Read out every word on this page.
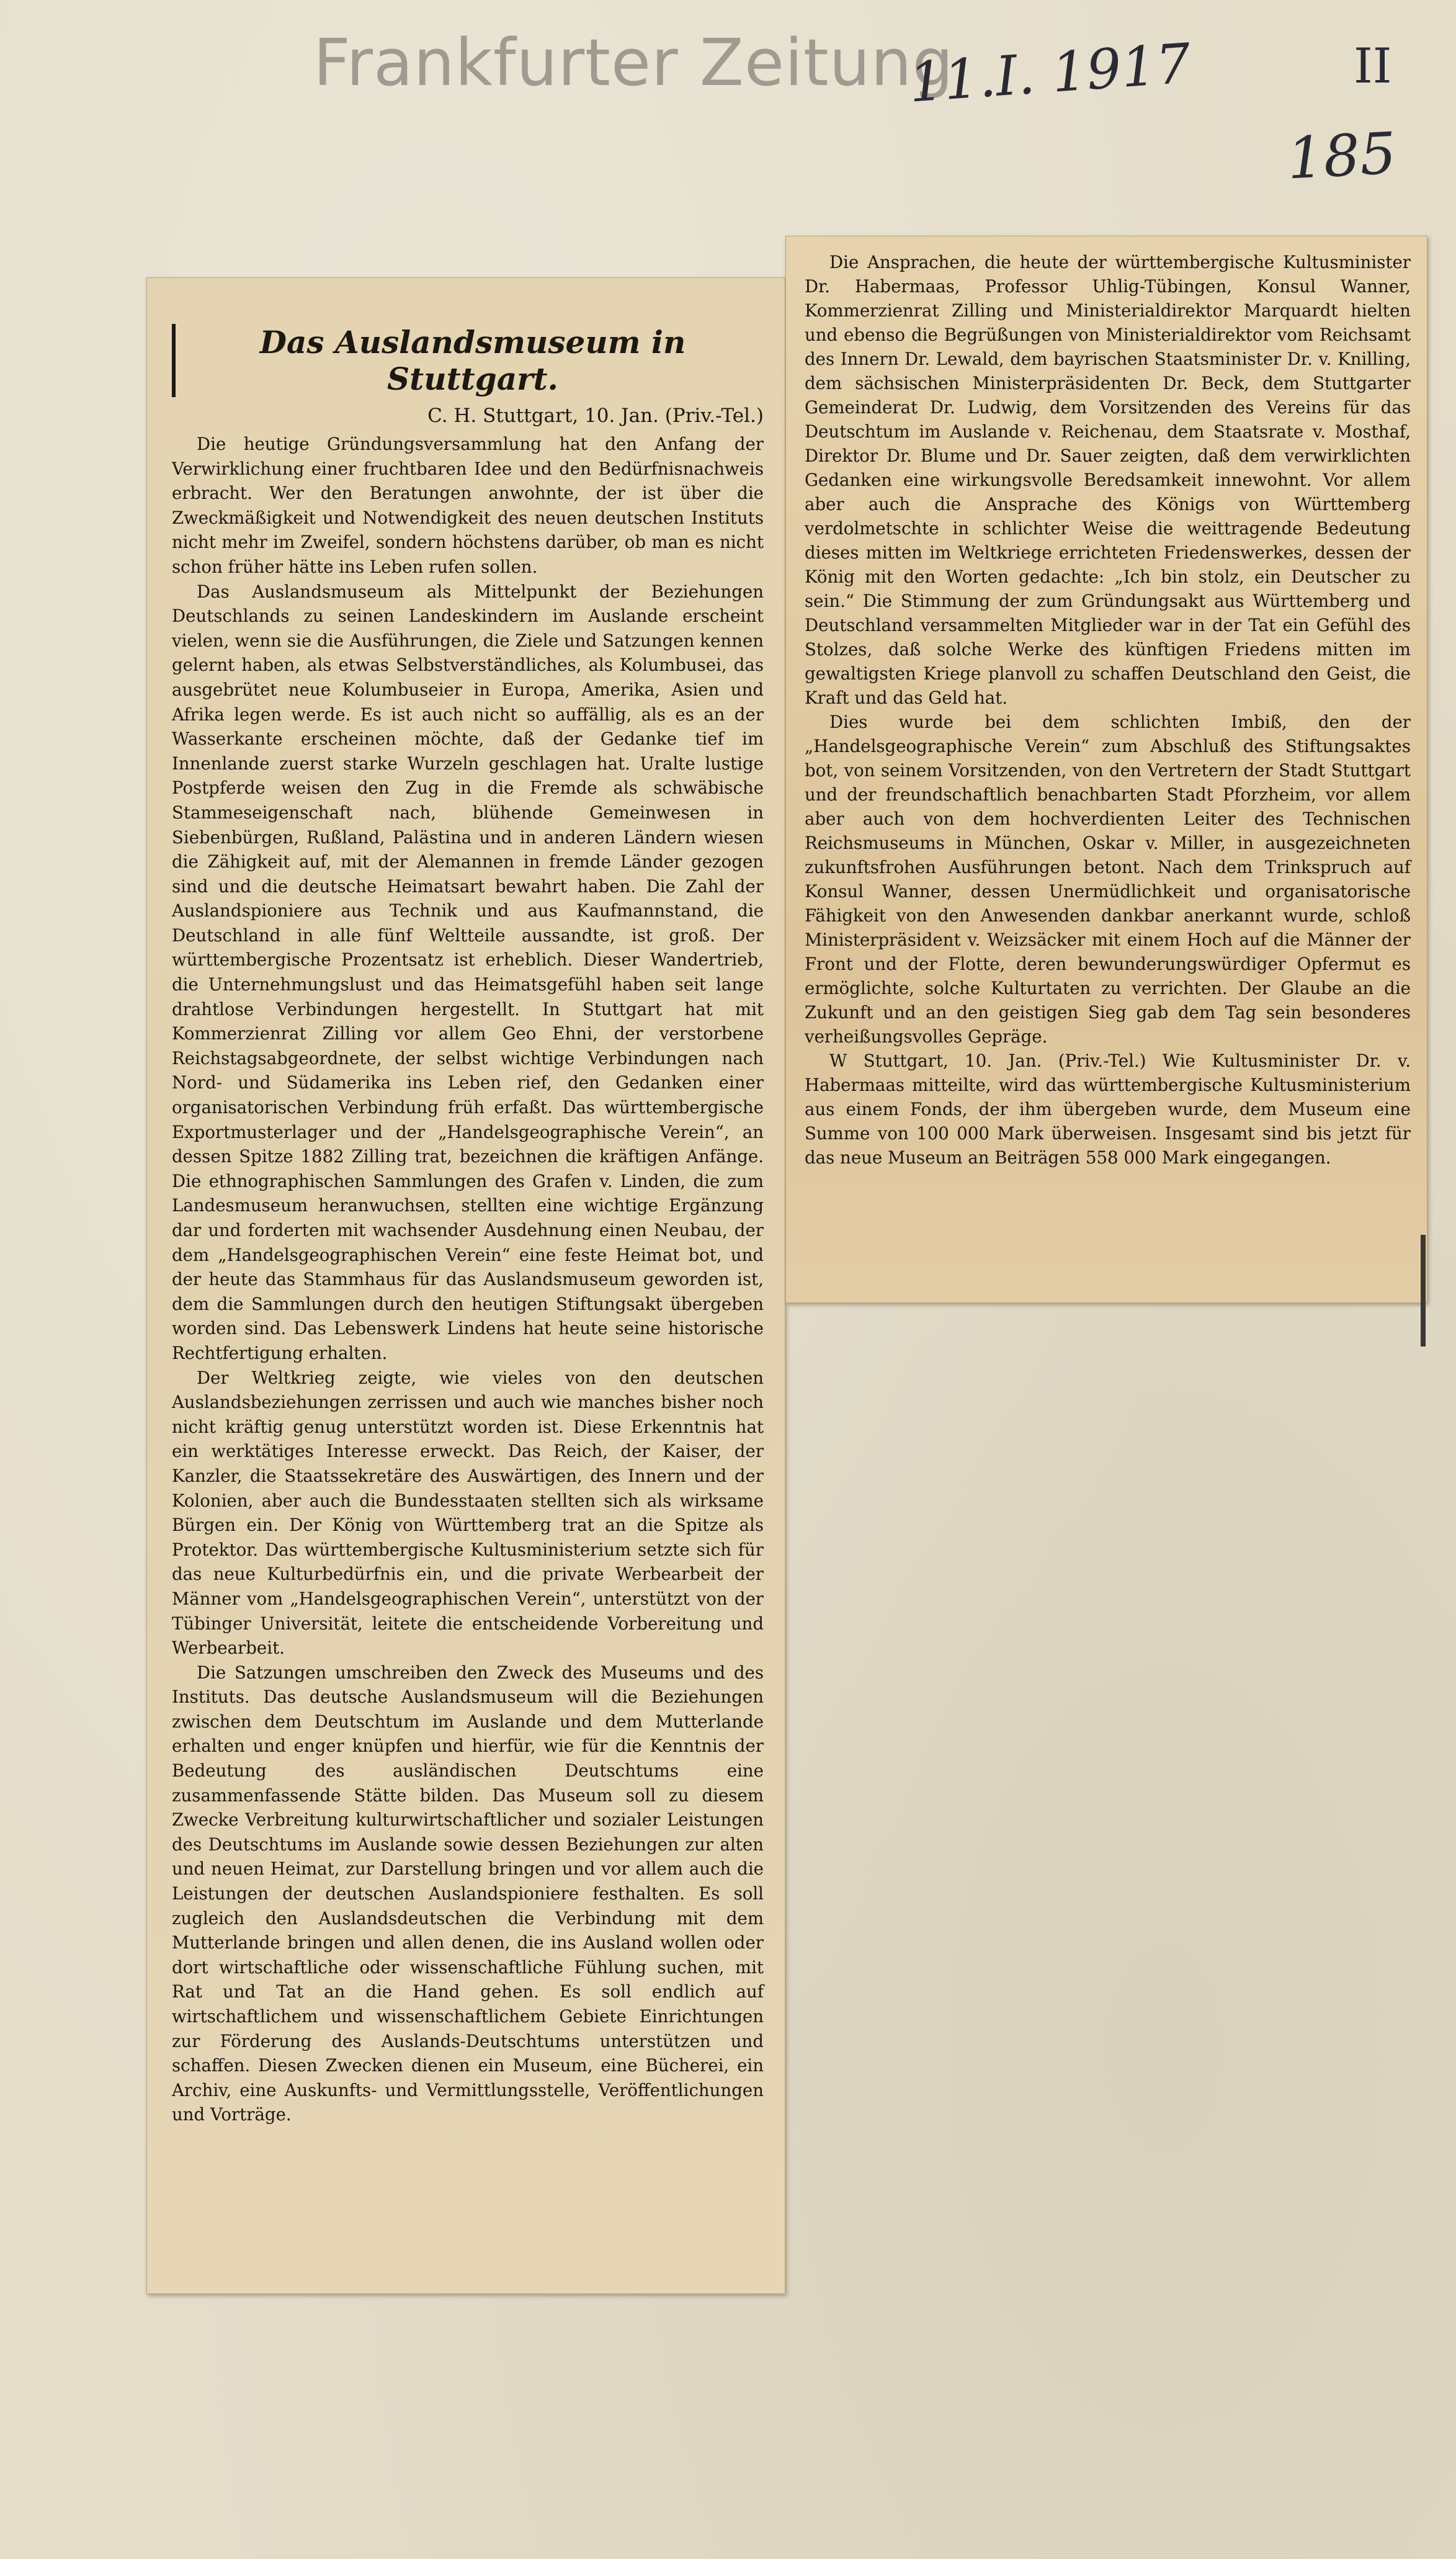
Frankfurter Zeitung
11.I. 1917	II
185
Das Auslandsmuseum in Stuttgart.
C. H. Stuttgart, 10. Jan. (Priv.-Tel.)

Die heutige Gründungsversammlung hat den Anfang der Verwirklichung einer fruchtbaren Idee und den Bedürfnisnachweis erbracht. Wer den Beratungen anwohnte, der ist über die Zweckmäßigkeit und Notwendigkeit des neuen deutschen Instituts nicht mehr im Zweifel, sondern höchstens darüber, ob man es nicht schon früher hätte ins Leben rufen sollen.

Das Auslandsmuseum als Mittelpunkt der Beziehungen Deutschlands zu seinen Landeskindern im Auslande erscheint vielen, wenn sie die Ausführungen, die Ziele und Satzungen kennen gelernt haben, als etwas Selbstverständliches, als Kolumbusei, das ausgebrütet neue Kolumbuseier in Europa, Amerika, Asien und Afrika legen werde. Es ist auch nicht so auffällig, als es an der Wasserkante erscheinen möchte, daß der Gedanke tief im Innenlande zuerst starke Wurzeln geschlagen hat. Uralte lustige Postpferde weisen den Zug in die Fremde als schwäbische Stammeseigenschaft nach, blühende Gemeinwesen in Siebenbürgen, Rußland, Palästina und in anderen Ländern wiesen die Zähigkeit auf, mit der Alemannen in fremde Länder gezogen sind und die deutsche Heimatsart bewahrt haben. Die Zahl der Auslandspioniere aus Technik und aus Kaufmannstand, die Deutschland in alle fünf Weltteile aussandte, ist groß. Der württembergische Prozentsatz ist erheblich. Dieser Wandertrieb, die Unternehmungslust und das Heimatsgefühl haben seit lange drahtlose Verbindungen hergestellt. In Stuttgart hat mit Kommerzienrat Zilling vor allem Geo Ehni, der verstorbene Reichstagsabgeordnete, der selbst wichtige Verbindungen nach Nord- und Südamerika ins Leben rief, den Gedanken einer organisatorischen Verbindung früh erfaßt. Das württembergische Exportmusterlager und der „Handelsgeographische Verein“, an dessen Spitze 1882 Zilling trat, bezeichnen die kräftigen Anfänge. Die ethnographischen Sammlungen des Grafen v. Linden, die zum Landesmuseum heranwuchsen, stellten eine wichtige Ergänzung dar und forderten mit wachsender Ausdehnung einen Neubau, der dem „Handelsgeographischen Verein“ eine feste Heimat bot, und der heute das Stammhaus für das Auslandsmuseum geworden ist, dem die Sammlungen durch den heutigen Stiftungsakt übergeben worden sind. Das Lebenswerk Lindens hat heute seine historische Rechtfertigung erhalten.

Der Weltkrieg zeigte, wie vieles von den deutschen Auslandsbeziehungen zerrissen und auch wie manches bisher noch nicht kräftig genug unterstützt worden ist. Diese Erkenntnis hat ein werktätiges Interesse erweckt. Das Reich, der Kaiser, der Kanzler, die Staatssekretäre des Auswärtigen, des Innern und der Kolonien, aber auch die Bundesstaaten stellten sich als wirksame Bürgen ein. Der König von Württemberg trat an die Spitze als Protektor. Das württembergische Kultusministerium setzte sich für das neue Kulturbedürfnis ein, und die private Werbearbeit der Männer vom „Handelsgeographischen Verein“, unterstützt von der Tübinger Universität, leitete die entscheidende Vorbereitung und Werbearbeit.

Die Satzungen umschreiben den Zweck des Museums und des Instituts. Das deutsche Auslandsmuseum will die Beziehungen zwischen dem Deutschtum im Auslande und dem Mutterlande erhalten und enger knüpfen und hierfür, wie für die Kenntnis der Bedeutung des ausländischen Deutschtums eine zusammenfassende Stätte bilden. Das Museum soll zu diesem Zwecke Verbreitung kulturwirtschaftlicher und sozialer Leistungen des Deutschtums im Auslande sowie dessen Beziehungen zur alten und neuen Heimat, zur Darstellung bringen und vor allem auch die Leistungen der deutschen Auslandspioniere festhalten. Es soll zugleich den Auslandsdeutschen die Verbindung mit dem Mutterlande bringen und allen denen, die ins Ausland wollen oder dort wirtschaftliche oder wissenschaftliche Fühlung suchen, mit Rat und Tat an die Hand gehen. Es soll endlich auf wirtschaftlichem und wissenschaftlichem Gebiete Einrichtungen zur Förderung des Auslands-Deutschtums unterstützen und schaffen. Diesen Zwecken dienen ein Museum, eine Bücherei, ein Archiv, eine Auskunfts- und Vermittlungsstelle, Veröffentlichungen und Vorträge.

Die Ansprachen, die heute der württembergische Kultusminister Dr. Habermaas, Professor Uhlig-Tübingen, Konsul Wanner, Kommerzienrat Zilling und Ministerialdirektor Marquardt hielten und ebenso die Begrüßungen von Ministerialdirektor vom Reichsamt des Innern Dr. Lewald, dem bayrischen Staatsminister Dr. v. Knilling, dem sächsischen Ministerpräsidenten Dr. Beck, dem Stuttgarter Gemeinderat Dr. Ludwig, dem Vorsitzenden des Vereins für das Deutschtum im Auslande v. Reichenau, dem Staatsrate v. Mosthaf, Direktor Dr. Blume und Dr. Sauer zeigten, daß dem verwirklichten Gedanken eine wirkungsvolle Beredsamkeit innewohnt. Vor allem aber auch die Ansprache des Königs von Württemberg verdolmetschte in schlichter Weise die weittragende Bedeutung dieses mitten im Weltkriege errichteten Friedenswerkes, dessen der König mit den Worten gedachte: „Ich bin stolz, ein Deutscher zu sein.“ Die Stimmung der zum Gründungsakt aus Württemberg und Deutschland versammelten Mitglieder war in der Tat ein Gefühl des Stolzes, daß solche Werke des künftigen Friedens mitten im gewaltigsten Kriege planvoll zu schaffen Deutschland den Geist, die Kraft und das Geld hat.

Dies wurde bei dem schlichten Imbiß, den der „Handelsgeographische Verein“ zum Abschluß des Stiftungsaktes bot, von seinem Vorsitzenden, von den Vertretern der Stadt Stuttgart und der freundschaftlich benachbarten Stadt Pforzheim, vor allem aber auch von dem hochverdienten Leiter des Technischen Reichsmuseums in München, Oskar v. Miller, in ausgezeichneten zukunftsfrohen Ausführungen betont. Nach dem Trinkspruch auf Konsul Wanner, dessen Unermüdlichkeit und organisatorische Fähigkeit von den Anwesenden dankbar anerkannt wurde, schloß Ministerpräsident v. Weizsäcker mit einem Hoch auf die Männer der Front und der Flotte, deren bewunderungswürdiger Opfermut es ermöglichte, solche Kulturtaten zu verrichten. Der Glaube an die Zukunft und an den geistigen Sieg gab dem Tag sein besonderes verheißungsvolles Gepräge.

W Stuttgart, 10. Jan. (Priv.-Tel.) Wie Kultusminister Dr. v. Habermaas mitteilte, wird das württembergische Kultusministerium aus einem Fonds, der ihm übergeben wurde, dem Museum eine Summe von 100 000 Mark überweisen. Insgesamt sind bis jetzt für das neue Museum an Beiträgen 558 000 Mark eingegangen.
